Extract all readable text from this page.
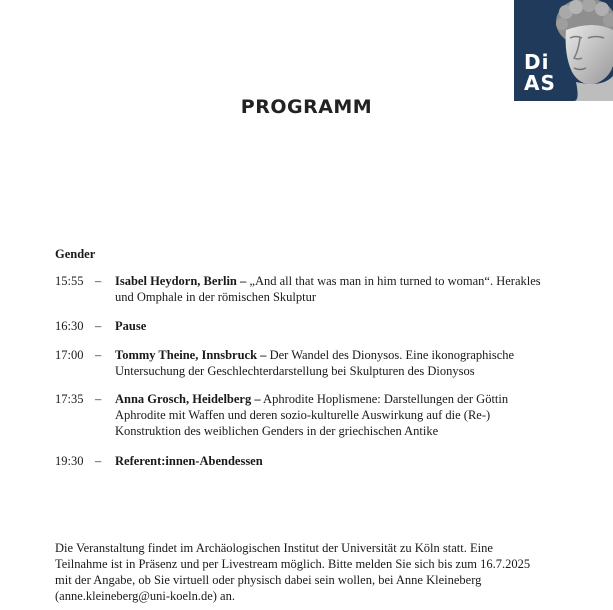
Di
AS
PROGRAMM
Gender
15:55 – Isabel Heydorn, Berlin – „And all that was man in him turned to woman“. Herakles und Omphale in der römischen Skulptur
16:30 – Pause
17:00 – Tommy Theine, Innsbruck – Der Wandel des Dionysos. Eine ikonographische Untersuchung der Geschlechterdarstellung bei Skulpturen des Dionysos
17:35 – Anna Grosch, Heidelberg – Aphrodite Hoplismene: Darstellungen der Göttin Aphrodite mit Waffen und deren sozio-kulturelle Auswirkung auf die (Re-) Konstruktion des weiblichen Genders in der griechischen Antike
19:30 – Referent:innen-Abendessen
Die Veranstaltung findet im Archäologischen Institut der Universität zu Köln statt. Eine Teilnahme ist in Präsenz und per Livestream möglich. Bitte melden Sie sich bis zum 16.7.2025 mit der Angabe, ob Sie virtuell oder physisch dabei sein wollen, bei Anne Kleineberg (anne.kleineberg@uni-koeln.de) an.
